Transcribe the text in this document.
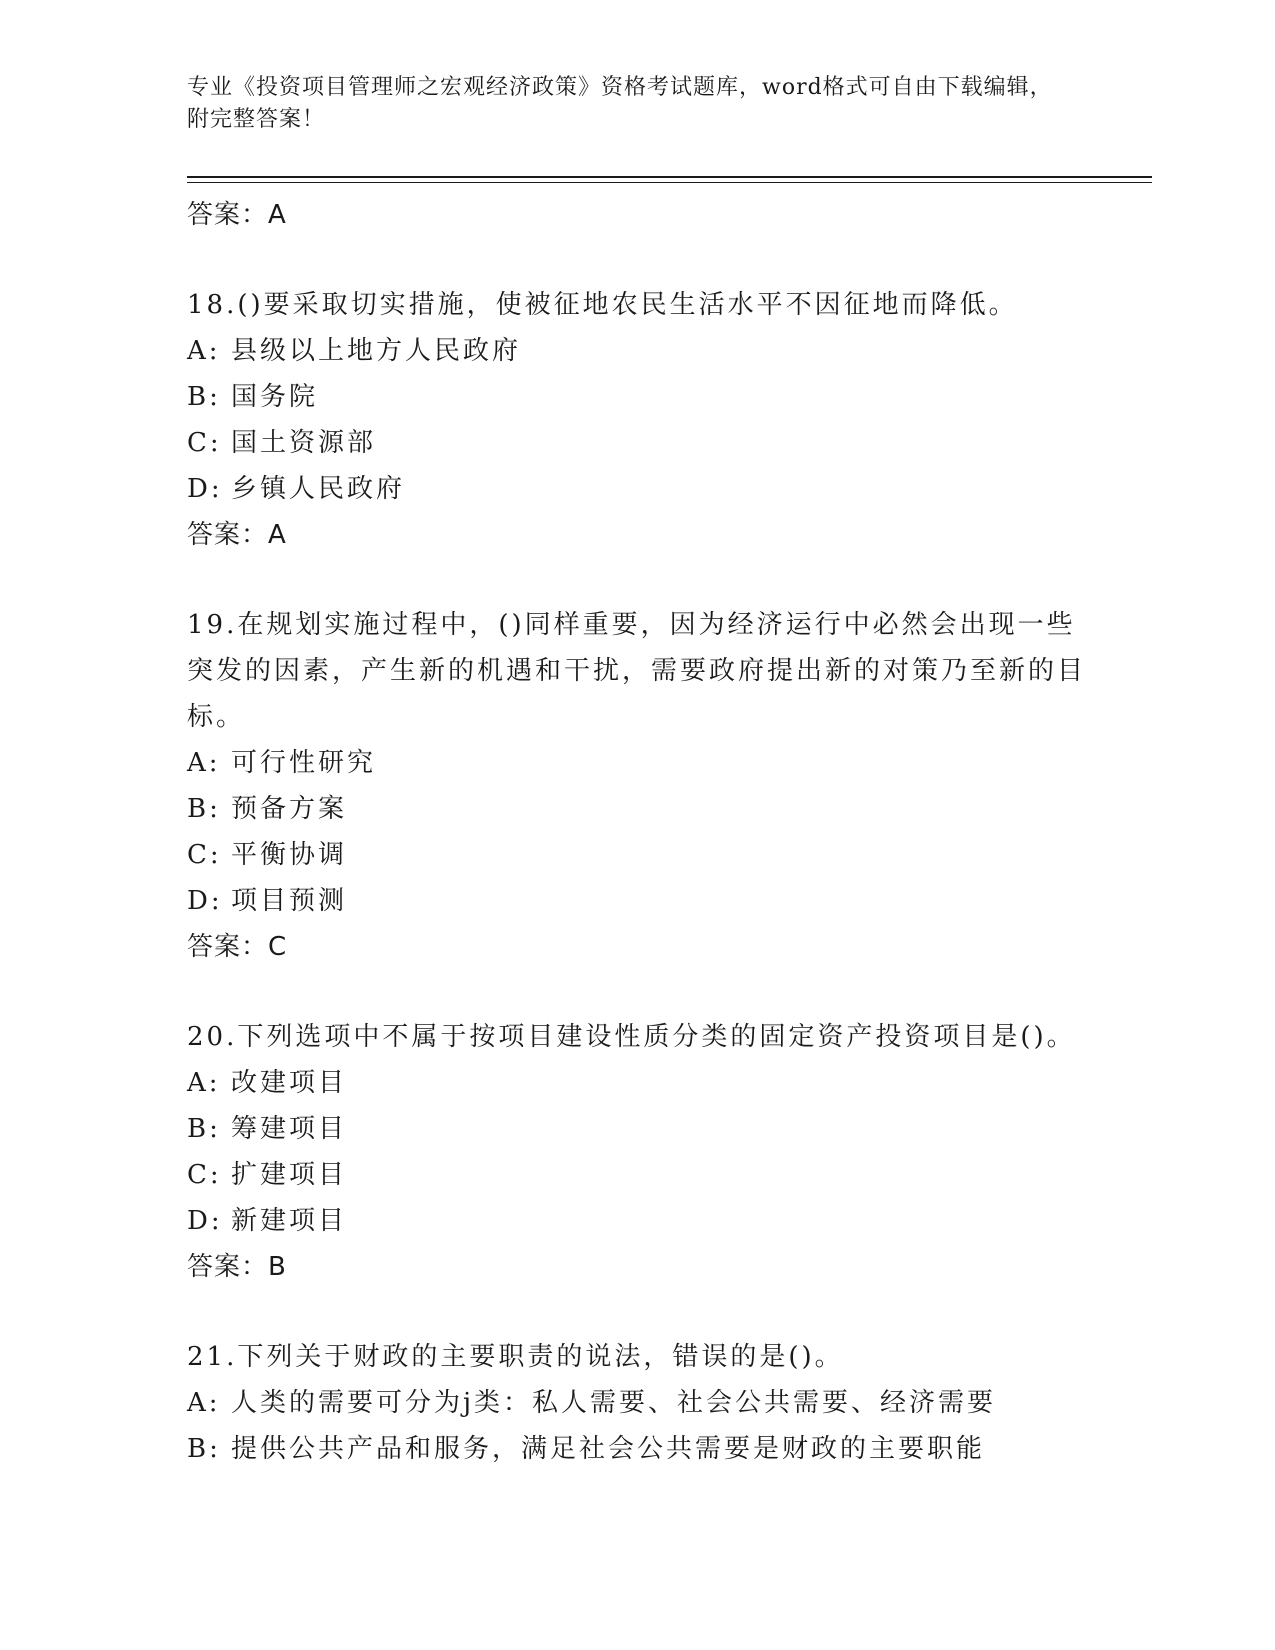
专业《投资项目管理师之宏观经济政策》资格考试题库，word格式可自由下载编辑，附完整答案！

答案：A

18.()要采取切实措施，使被征地农民生活水平不因征地而降低。

A: 县级以上地方人民政府

B: 国务院

C: 国土资源部

D: 乡镇人民政府

答案：A

19.在规划实施过程中，()同样重要，因为经济运行中必然会出现一些突发的因素，产生新的机遇和干扰，需要政府提出新的对策乃至新的目标。

A: 可行性研究

B: 预备方案

C: 平衡协调

D: 项目预测

答案：C

20.下列选项中不属于按项目建设性质分类的固定资产投资项目是()。

A: 改建项目

B: 筹建项目

C: 扩建项目

D: 新建项目

答案：B

21.下列关于财政的主要职责的说法，错误的是()。

A: 人类的需要可分为j类：私人需要、社会公共需要、经济需要

B: 提供公共产品和服务，满足社会公共需要是财政的主要职能
